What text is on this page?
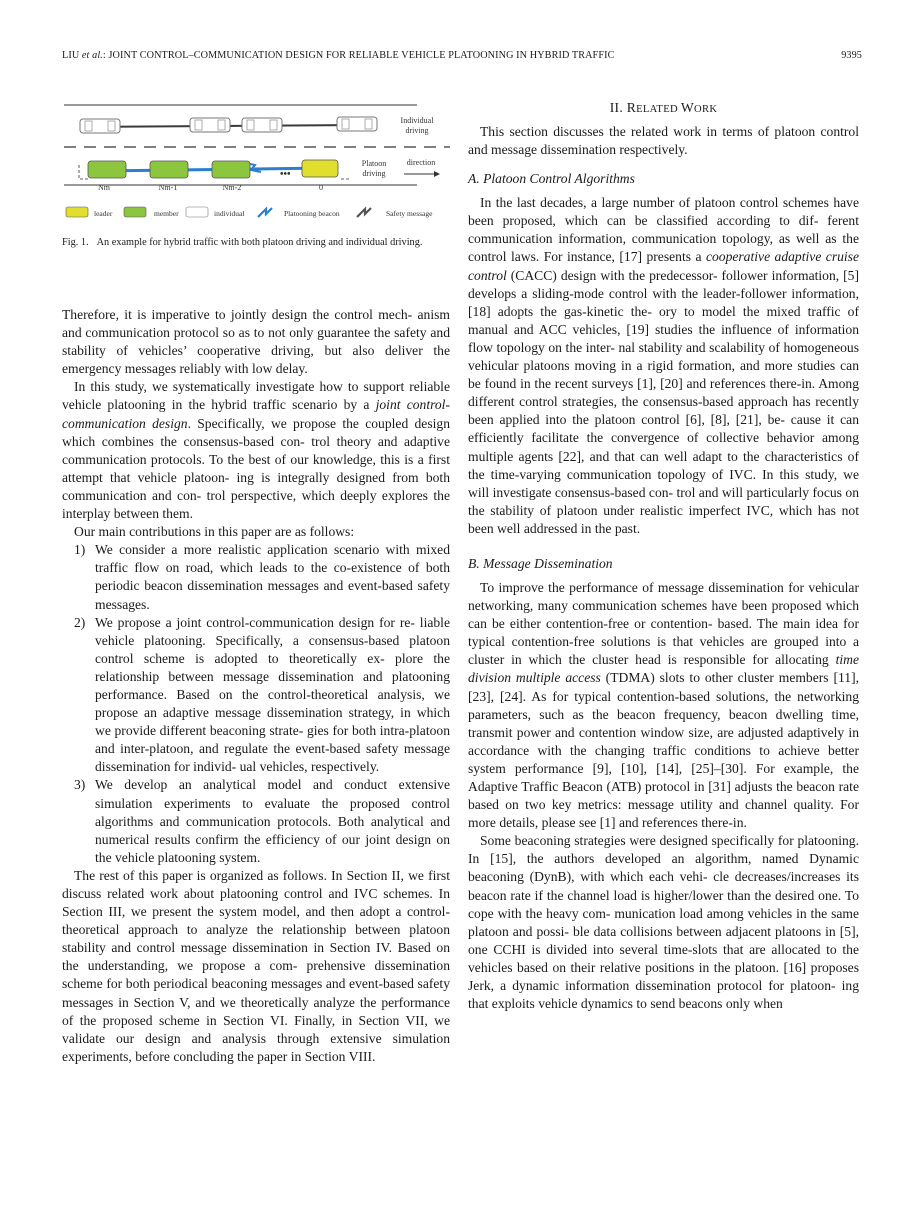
LIU et al.: JOINT CONTROL–COMMUNICATION DESIGN FOR RELIABLE VEHICLE PLATOONING IN HYBRID TRAFFIC	9395
Individual
driving
•••
Nm	Nm-1	Nm-2	0
Platoon
driving
direction
leader	member	individual	Platooning beacon	Safety message
Fig. 1. An example for hybrid traffic with both platoon driving and individual driving.

Therefore, it is imperative to jointly design the control mech- anism and communication protocol so as to not only guarantee the safety and stability of vehicles’ cooperative driving, but also deliver the emergency messages reliably with low delay.

In this study, we systematically investigate how to support reliable vehicle platooning in the hybrid traffic scenario by a joint control-communication design. Specifically, we propose the coupled design which combines the consensus-based con- trol theory and adaptive communication protocols. To the best of our knowledge, this is a first attempt that vehicle platoon- ing is integrally designed from both communication and con- trol perspective, which deeply explores the interplay between them.

Our main contributions in this paper are as follows:

1) We consider a more realistic application scenario with mixed traffic flow on road, which leads to the co-existence of both periodic beacon dissemination messages and event-based safety messages.
2) We propose a joint control-communication design for re- liable vehicle platooning. Specifically, a consensus-based platoon control scheme is adopted to theoretically ex- plore the relationship between message dissemination and platooning performance. Based on the control-theoretical analysis, we propose an adaptive message dissemination strategy, in which we provide different beaconing strate- gies for both intra-platoon and inter-platoon, and regulate the event-based safety message dissemination for individ- ual vehicles, respectively.
3) We develop an analytical model and conduct extensive simulation experiments to evaluate the proposed control algorithms and communication protocols. Both analytical and numerical results confirm the efficiency of our joint design on the vehicle platooning system.

The rest of this paper is organized as follows. In Section II, we first discuss related work about platooning control and IVC schemes. In Section III, we present the system model, and then adopt a control-theoretical approach to analyze the relationship between platoon stability and control message dissemination in Section IV. Based on the understanding, we propose a com- prehensive dissemination scheme for both periodical beaconing messages and event-based safety messages in Section V, and we theoretically analyze the performance of the proposed scheme in Section VI. Finally, in Section VII, we validate our design and analysis through extensive simulation experiments, before concluding the paper in Section VIII.

II. RELATED WORK

This section discusses the related work in terms of platoon control and message dissemination respectively.

A. Platoon Control Algorithms

In the last decades, a large number of platoon control schemes have been proposed, which can be classified according to dif- ferent communication information, communication topology, as well as the control laws. For instance, [17] presents a cooperative adaptive cruise control (CACC) design with the predecessor- follower information, [5] develops a sliding-mode control with the leader-follower information, [18] adopts the gas-kinetic the- ory to model the mixed traffic of manual and ACC vehicles, [19] studies the influence of information flow topology on the inter- nal stability and scalability of homogeneous vehicular platoons moving in a rigid formation, and more studies can be found in the recent surveys [1], [20] and references there-in. Among different control strategies, the consensus-based approach has recently been applied into the platoon control [6], [8], [21], be- cause it can efficiently facilitate the convergence of collective behavior among multiple agents [22], and that can well adapt to the characteristics of the time-varying communication topology of IVC. In this study, we will investigate consensus-based con- trol and will particularly focus on the stability of platoon under realistic imperfect IVC, which has not been well addressed in the past.

B. Message Dissemination

To improve the performance of message dissemination for vehicular networking, many communication schemes have been proposed which can be either contention-free or contention- based. The main idea for typical contention-free solutions is that vehicles are grouped into a cluster in which the cluster head is responsible for allocating time division multiple access (TDMA) slots to other cluster members [11], [23], [24]. As for typical contention-based solutions, the networking parameters, such as the beacon frequency, beacon dwelling time, transmit power and contention window size, are adjusted adaptively in accordance with the changing traffic conditions to achieve better system performance [9], [10], [14], [25]–[30]. For example, the Adaptive Traffic Beacon (ATB) protocol in [31] adjusts the beacon rate based on two key metrics: message utility and channel quality. For more details, please see [1] and references there-in.

Some beaconing strategies were designed specifically for platooning. In [15], the authors developed an algorithm, named Dynamic beaconing (DynB), with which each vehi- cle decreases/increases its beacon rate if the channel load is higher/lower than the desired one. To cope with the heavy com- munication load among vehicles in the same platoon and possi- ble data collisions between adjacent platoons in [5], one CCHI is divided into several time-slots that are allocated to the vehicles based on their relative positions in the platoon. [16] proposes Jerk, a dynamic information dissemination protocol for platoon- ing that exploits vehicle dynamics to send beacons only when
